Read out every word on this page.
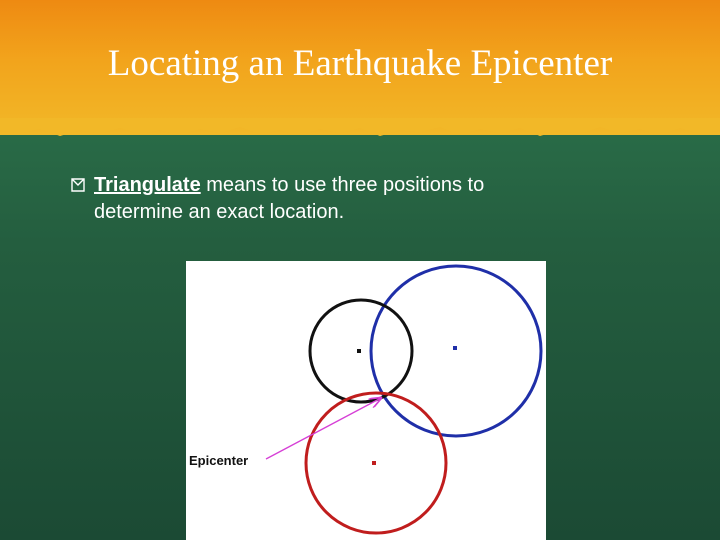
Locating an Earthquake Epicenter
Triangulate means to use three positions to
determine an exact location.
Epicenter
